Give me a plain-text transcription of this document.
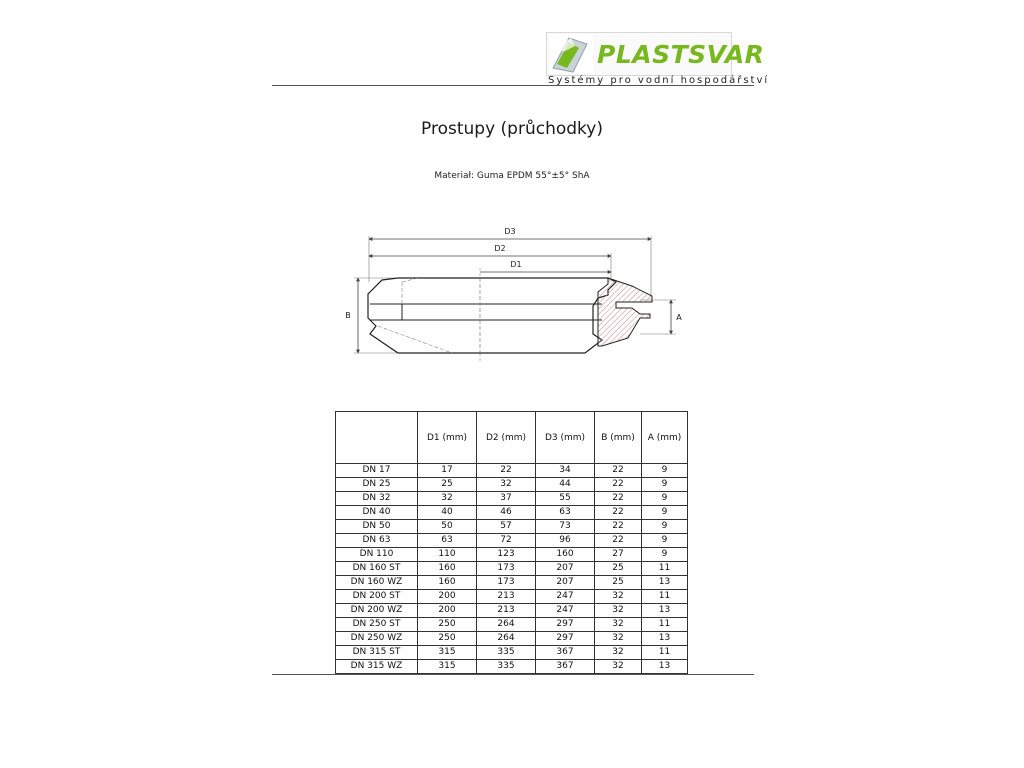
PLASTSVAR
Systémy pro vodní hospodářství
Prostupy (průchodky)
Materiał: Guma EPDM 55°±5° ShA
D3
D2
D1
B	A
	D1 (mm)	D2 (mm)	D3 (mm)	B (mm)	A (mm)
DN 17	17	22	34	22	9
DN 25	25	32	44	22	9
DN 32	32	37	55	22	9
DN 40	40	46	63	22	9
DN 50	50	57	73	22	9
DN 63	63	72	96	22	9
DN 110	110	123	160	27	9
DN 160 ST	160	173	207	25	11
DN 160 WZ	160	173	207	25	13
DN 200 ST	200	213	247	32	11
DN 200 WZ	200	213	247	32	13
DN 250 ST	250	264	297	32	11
DN 250 WZ	250	264	297	32	13
DN 315 ST	315	335	367	32	11
DN 315 WZ	315	335	367	32	13
